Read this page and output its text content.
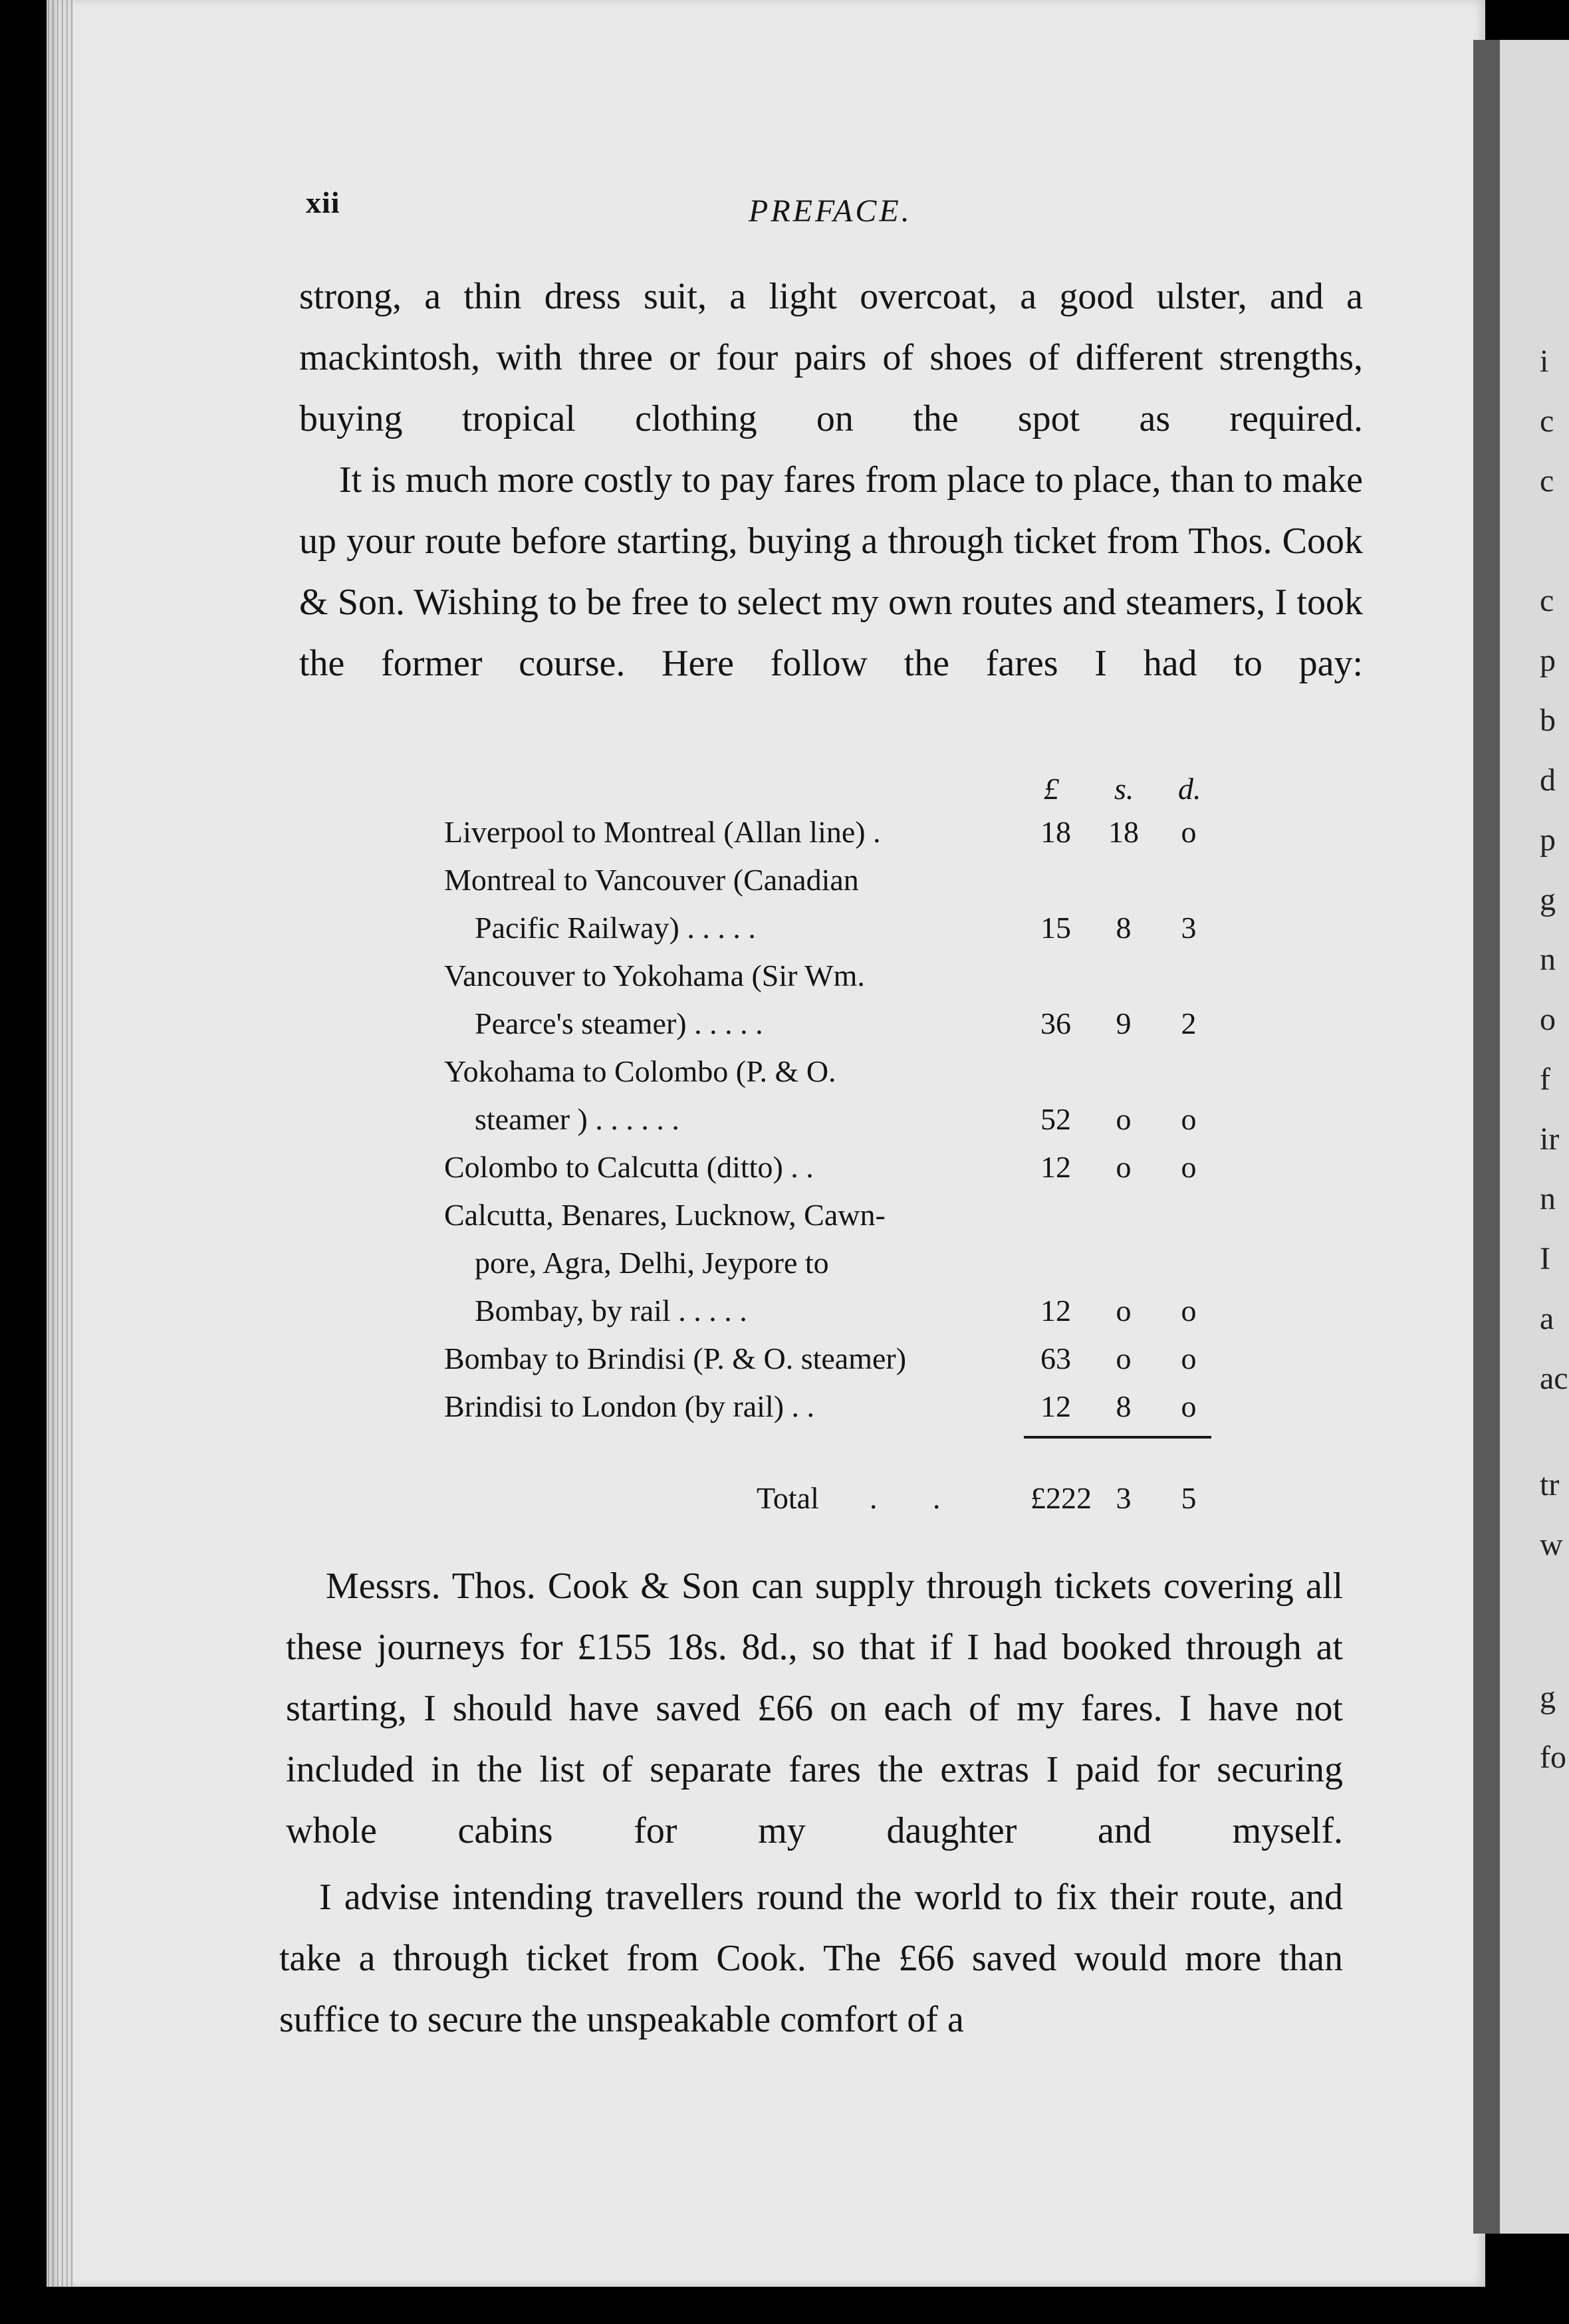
i
c
c
c
p
b
d
p
g
n
o
f
ir
n
I
a
ac
tr
w
g
fo
xii	PREFACE.
strong, a thin dress suit, a light overcoat, a good ulster, and a mackintosh, with three or four pairs of shoes of different strengths, buying tropical clothing on the spot as required.
It is much more costly to pay fares from place to place, than to make up your route before starting, buying a through ticket from Thos. Cook & Son. Wishing to be free to select my own routes and steamers, I took the former course. Here follow the fares I had to pay:
£ s. d.
Liverpool to Montreal (Allan line) .	18	18	o
Montreal to Vancouver (Canadian
Pacific Railway) . . . . .	15	8	3
Vancouver to Yokohama (Sir Wm.
Pearce's steamer) . . . . .	36	9	2
Yokohama to Colombo (P. & O.
steamer ) . . . . . .	52	o	o
Colombo to Calcutta (ditto) . .	12	o	o
Calcutta, Benares, Lucknow, Cawn-
pore, Agra, Delhi, Jeypore to
Bombay, by rail . . . . .	12	o	o
Bombay to Brindisi (P. & O. steamer)	63	o	o
Brindisi to London (by rail) . .	12	8	o
Total . .	£222 3	5
Messrs. Thos. Cook & Son can supply through tickets covering all these journeys for £155 18s. 8d., so that if I had booked through at starting, I should have saved £66 on each of my fares. I have not included in the list of separate fares the extras I paid for securing whole cabins for my daughter and myself.
I advise intending travellers round the world to fix their route, and take a through ticket from Cook. The £66 saved would more than suffice to secure the unspeakable comfort of a
